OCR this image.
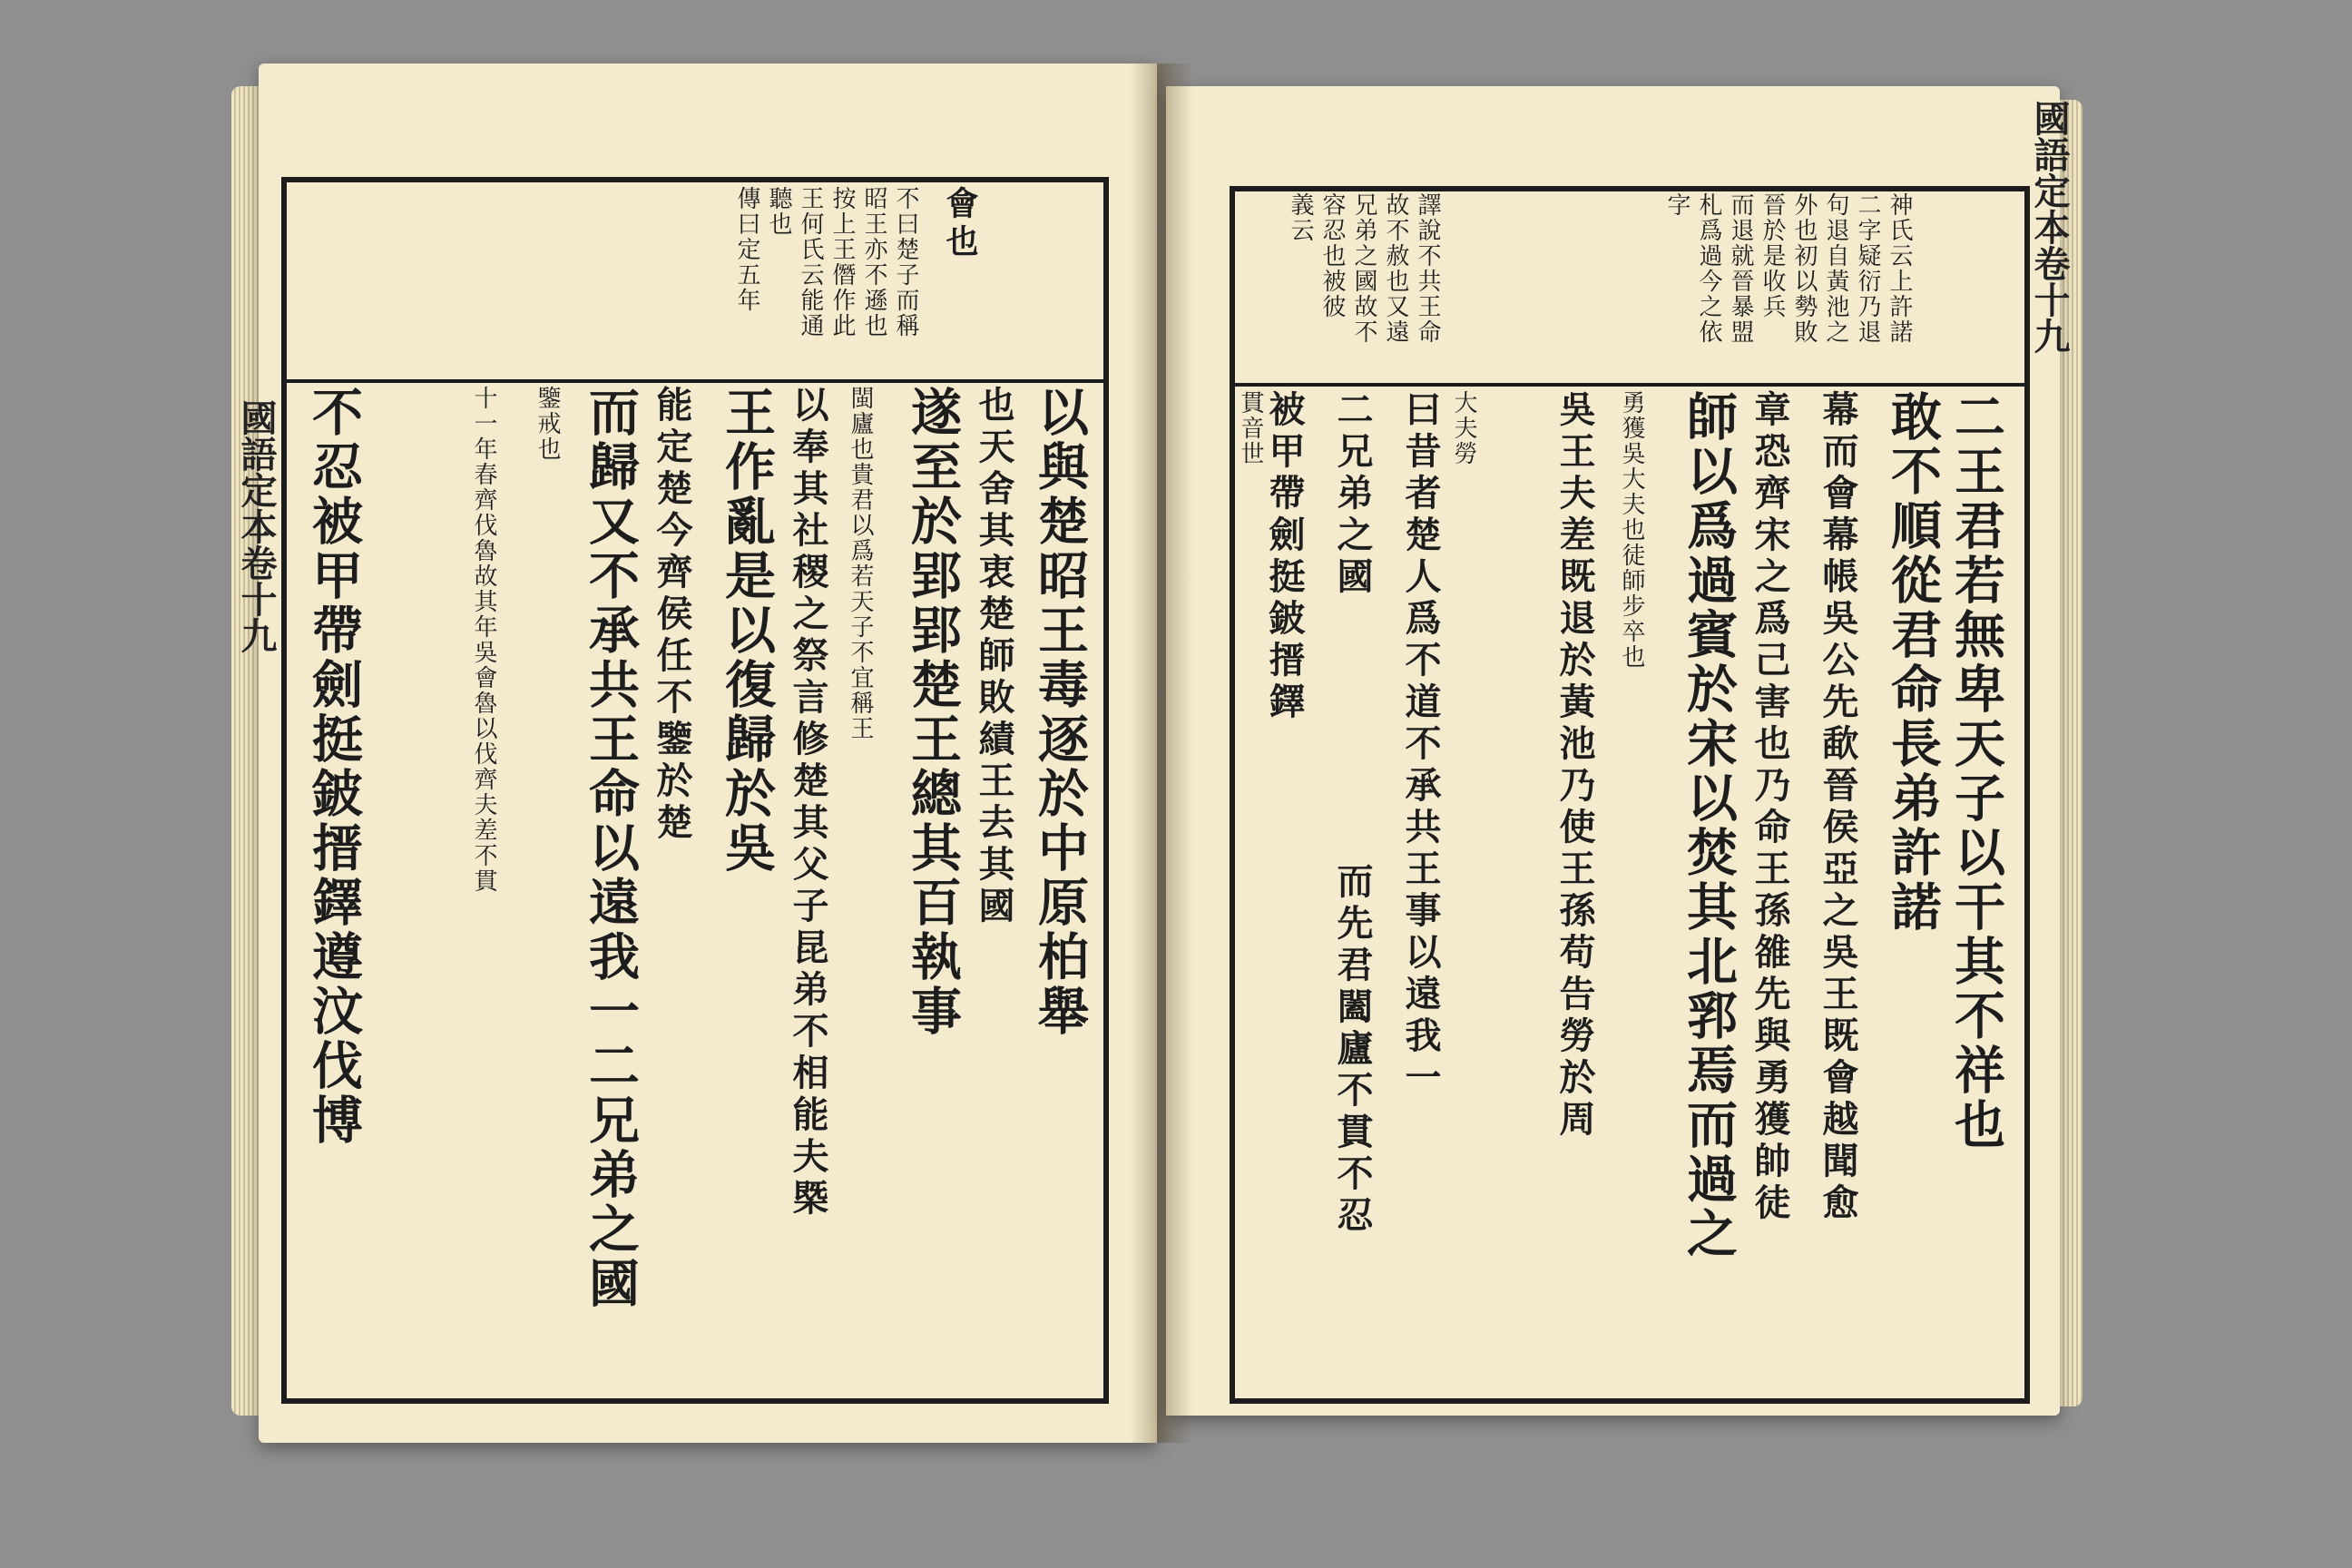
國語定本卷十九
會也
不曰楚子而稱
昭王亦不遜也
按上王僭作此
王何氏云能通
聽也
傳曰定五年
以與楚昭王毒逐於中原柏舉
也天舍其衷楚師敗績王去其國
遂至於郢郢楚王總其百執事
閩廬也貴君以爲若天子不宜稱王
以奉其社稷之祭言修楚其父子昆弟不相能夫槩
王作亂是以復歸於吳
能定楚今齊侯任不鑒於楚
而歸又不承共王命以遠我一二兄弟之國
鑒戒也
十一年春齊伐魯故其年吳會魯以伐齊夫差不貫
不忍被甲帶劍挺鈹搢鐸遵汶伐博
國語定本卷十九
神氏云上許諾
二字疑衍乃退
句退自黃池之
外也初以勢敗
晉於是收兵
而退就晉暴盟
札爲過今之依
字
譯說不共王命
故不赦也又遠
兄弟之國故不
容忍也被彼
義云
二王君若無卑天子以干其不祥也
敢不順從君命長弟許諾
幕而會幕帳吳公先歃晉侯亞之吳王既會越聞愈
章恐齊宋之爲己害也乃命王孫雒先與勇獲帥徒
師以爲過賓於宋以焚其北郛焉而過之
勇獲吳大夫也徒師步卒也
吳王夫差既退於黃池乃使王孫苟告勞於周
曰昔者楚人爲不道不承共王事以遠我一 大夫勞
二兄弟之國
而先君闔廬不貫不忍
被甲帶劍挺鈹搢鐸
貫音世
